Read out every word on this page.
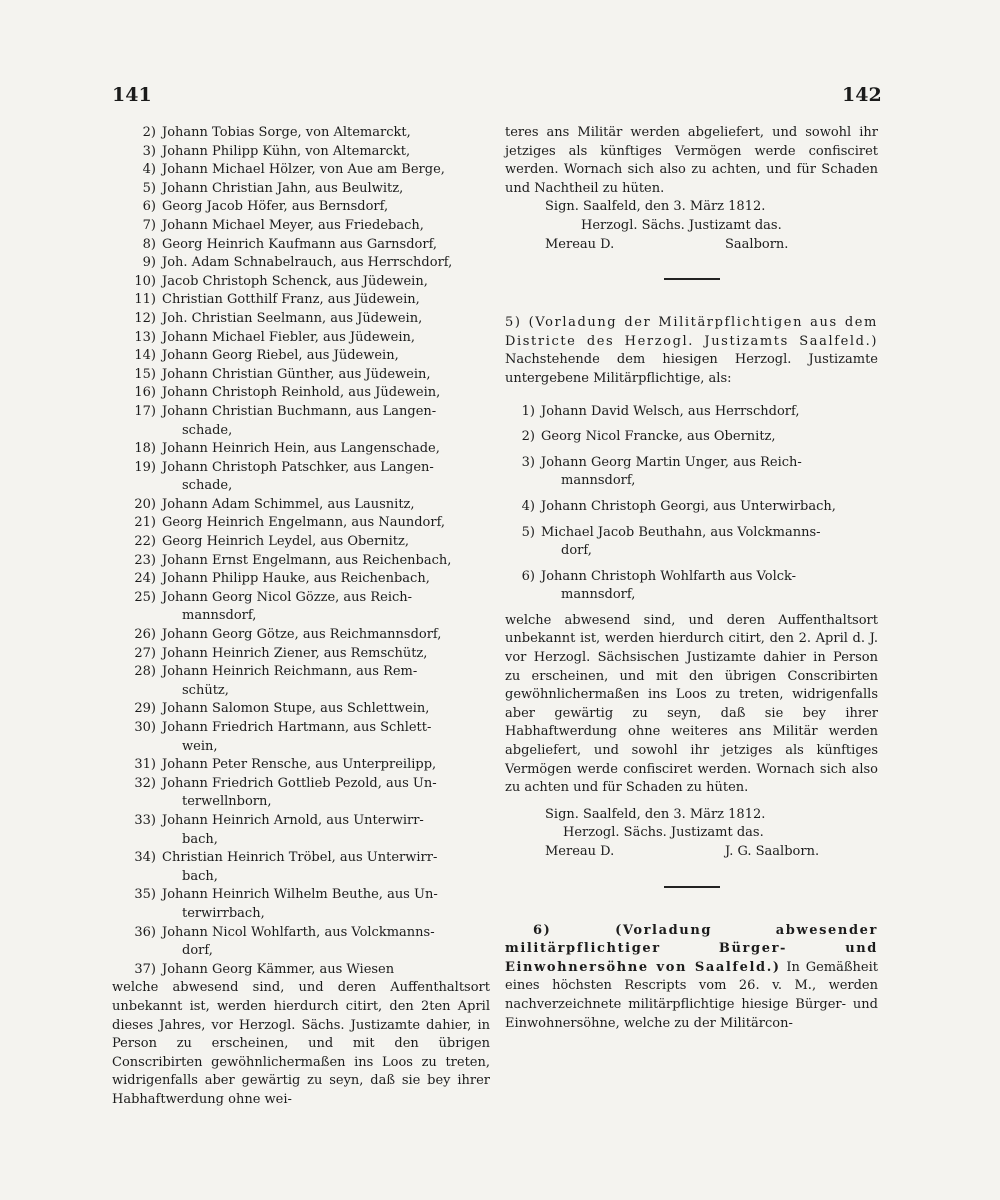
141	142
2) Johann Tobias Sorge, von Altemarckt,
3) Johann Philipp Kühn, von Altemarckt,
4) Johann Michael Hölzer, von Aue am Berge,
5) Johann Christian Jahn, aus Beulwitz,
6) Georg Jacob Höfer, aus Bernsdorf,
7) Johann Michael Meyer, aus Friedebach,
8) Georg Heinrich Kaufmann aus Garnsdorf,
9) Joh. Adam Schnabelrauch, aus Herrschdorf,
10) Jacob Christoph Schenck, aus Jüdewein,
11) Christian Gotthilf Franz, aus Jüdewein,
12) Joh. Christian Seelmann, aus Jüdewein,
13) Johann Michael Fiebler, aus Jüdewein,
14) Johann Georg Riebel, aus Jüdewein,
15) Johann Christian Günther, aus Jüdewein,
16) Johann Christoph Reinhold, aus Jüdewein,
17) Johann Christian Buchmann, aus Langen-
schade,
18) Johann Heinrich Hein, aus Langenschade,
19) Johann Christoph Patschker, aus Langen-
schade,
20) Johann Adam Schimmel, aus Lausnitz,
21) Georg Heinrich Engelmann, aus Naundorf,
22) Georg Heinrich Leydel, aus Obernitz,
23) Johann Ernst Engelmann, aus Reichenbach,
24) Johann Philipp Hauke, aus Reichenbach,
25) Johann Georg Nicol Gözze, aus Reich-
mannsdorf,
26) Johann Georg Götze, aus Reichmannsdorf,
27) Johann Heinrich Ziener, aus Remschütz,
28) Johann Heinrich Reichmann, aus Rem-
schütz,
29) Johann Salomon Stupe, aus Schlettwein,
30) Johann Friedrich Hartmann, aus Schlett-
wein,
31) Johann Peter Rensche, aus Unterpreilipp,
32) Johann Friedrich Gottlieb Pezold, aus Un-
terwellnborn,
33) Johann Heinrich Arnold, aus Unterwirr-
bach,
34) Christian Heinrich Tröbel, aus Unterwirr-
bach,
35) Johann Heinrich Wilhelm Beuthe, aus Un-
terwirrbach,
36) Johann Nicol Wohlfarth, aus Volckmanns-
dorf,
37) Johann Georg Kämmer, aus Wiesen
welche abwesend sind, und deren Auffenthaltsort unbekannt ist, werden hierdurch citirt, den 2ten April dieses Jahres, vor Herzogl. Sächs. Justizamte dahier, in Person zu erscheinen, und mit den übrigen Conscribirten gewöhnlichermaßen ins Loos zu treten, widrigenfalls aber gewärtig zu seyn, daß sie bey ihrer Habhaftwerdung ohne wei-
teres ans Militär werden abgeliefert, und sowohl ihr jetziges als künftiges Vermögen werde confisciret werden. Wornach sich also zu achten, und für Schaden und Nachtheil zu hüten.
Sign. Saalfeld, den 3. März 1812.
Herzogl. Sächs. Justizamt das.
Mereau D.	Saalborn.
5) (Vorladung der Militärpflichtigen aus dem Districte des Herzogl. Justizamts Saalfeld.) Nachstehende dem hiesigen Herzogl. Justizamte untergebene Militärpflichtige, als:
1) Johann David Welsch, aus Herrschdorf,
2) Georg Nicol Francke, aus Obernitz,
3) Johann Georg Martin Unger, aus Reich-
mannsdorf,
4) Johann Christoph Georgi, aus Unterwirbach,
5) Michael Jacob Beuthahn, aus Volckmanns-
dorf,
6) Johann Christoph Wohlfarth aus Volck-
mannsdorf,
welche abwesend sind, und deren Auffenthaltsort unbekannt ist, werden hierdurch citirt, den 2. April d. J. vor Herzogl. Sächsischen Justizamte dahier in Person zu erscheinen, und mit den übrigen Conscribirten gewöhnlichermaßen ins Loos zu treten, widrigenfalls aber gewärtig zu seyn, daß sie bey ihrer Habhaftwerdung ohne weiteres ans Militär werden abgeliefert, und sowohl ihr jetziges als künftiges Vermögen werde confisciret werden. Wornach sich also zu achten und für Schaden zu hüten.
Sign. Saalfeld, den 3. März 1812.
Herzogl. Sächs. Justizamt das.
Mereau D.	J. G. Saalborn.
6) (Vorladung abwesender militärpflichtiger Bürger- und Einwohnersöhne von Saalfeld.) In Gemäßheit eines höchsten Rescripts vom 26. v. M., werden nachverzeichnete militärpflichtige hiesige Bürger- und Einwohnersöhne, welche zu der Militärcon-
